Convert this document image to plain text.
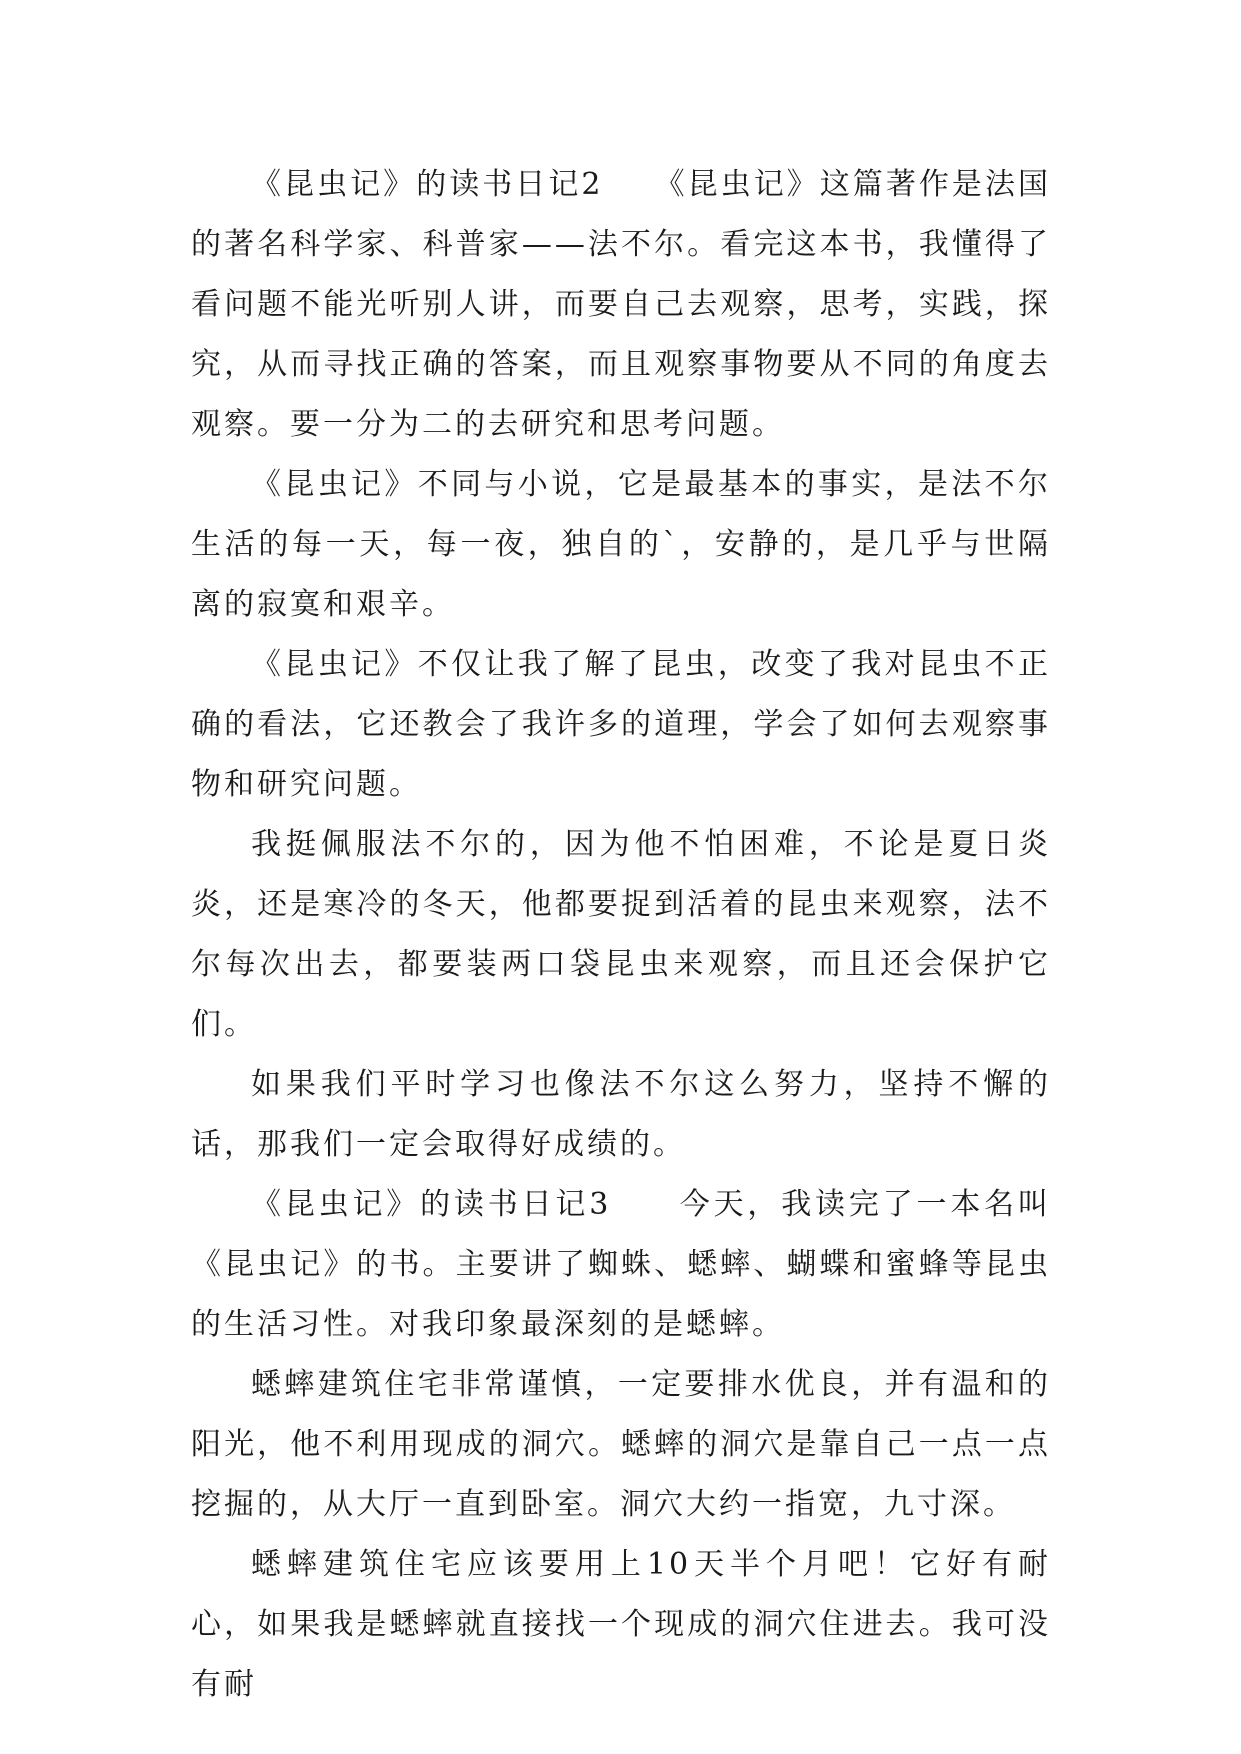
《昆虫记》的读书日记2　　《昆虫记》这篇著作是法国的著名科学家、科普家——法不尔。看完这本书，我懂得了看问题不能光听别人讲，而要自己去观察，思考，实践，探究，从而寻找正确的答案，而且观察事物要从不同的角度去观察。要一分为二的去研究和思考问题。

《昆虫记》不同与小说，它是最基本的事实，是法不尔生活的每一天，每一夜，独自的`，安静的，是几乎与世隔离的寂寞和艰辛。

《昆虫记》不仅让我了解了昆虫，改变了我对昆虫不正确的看法，它还教会了我许多的道理，学会了如何去观察事物和研究问题。

我挺佩服法不尔的，因为他不怕困难，不论是夏日炎炎，还是寒冷的冬天，他都要捉到活着的昆虫来观察，法不尔每次出去，都要装两口袋昆虫来观察，而且还会保护它们。

如果我们平时学习也像法不尔这么努力，坚持不懈的话，那我们一定会取得好成绩的。

《昆虫记》的读书日记3　　今天，我读完了一本名叫《昆虫记》的书。主要讲了蜘蛛、蟋蟀、蝴蝶和蜜蜂等昆虫的生活习性。对我印象最深刻的是蟋蟀。

蟋蟀建筑住宅非常谨慎，一定要排水优良，并有温和的阳光，他不利用现成的洞穴。蟋蟀的洞穴是靠自己一点一点挖掘的，从大厅一直到卧室。洞穴大约一指宽，九寸深。

蟋蟀建筑住宅应该要用上10天半个月吧！它好有耐心，如果我是蟋蟀就直接找一个现成的洞穴住进去。我可没有耐
